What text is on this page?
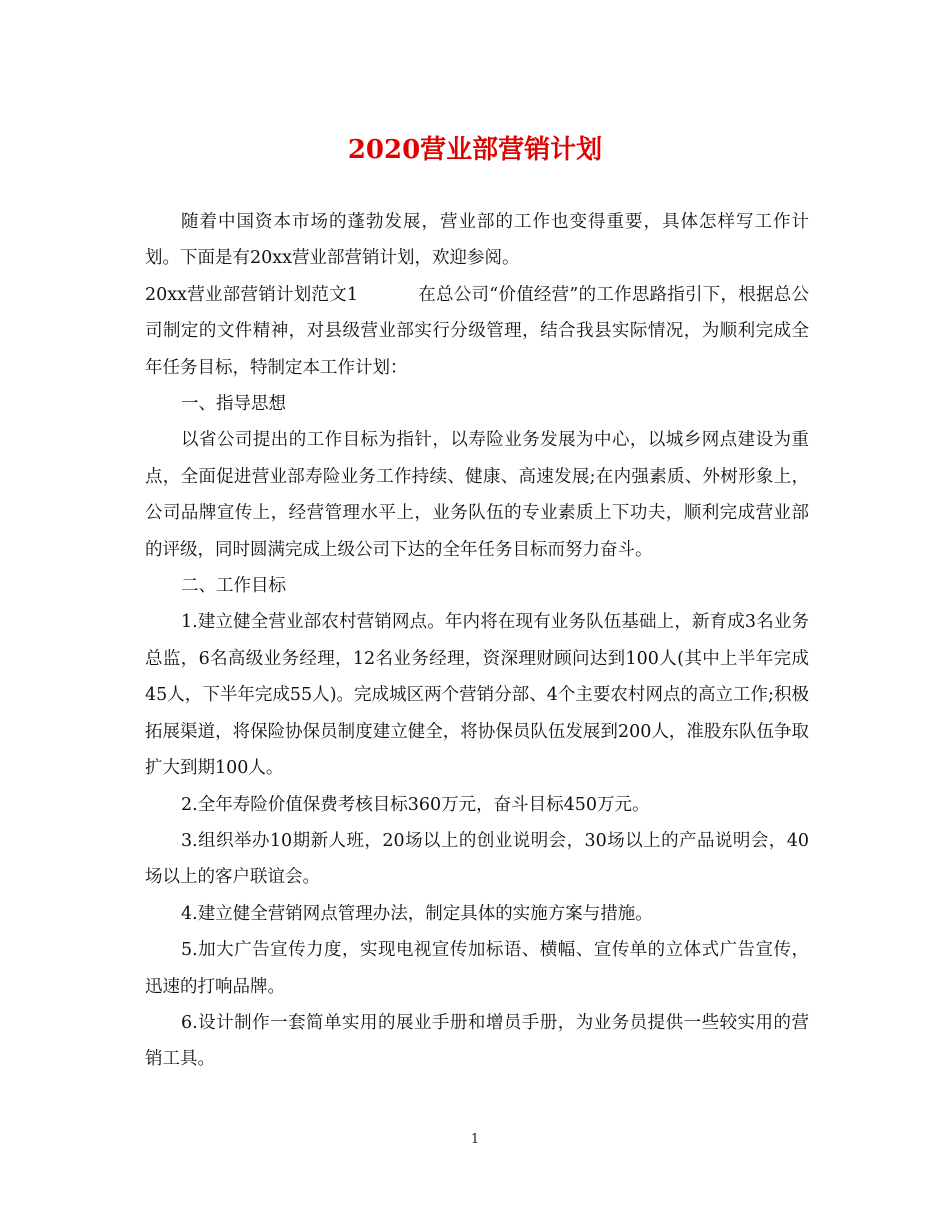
2020营业部营销计划

随着中国资本市场的蓬勃发展，营业部的工作也变得重要，具体怎样写工作计划。下面是有20xx营业部营销计划，欢迎参阅。

20xx营业部营销计划范文1	在总公司“价值经营”的工作思路指引下，根据总公司制定的文件精神，对县级营业部实行分级管理，结合我县实际情况，为顺利完成全年任务目标，特制定本工作计划：

一、指导思想

以省公司提出的工作目标为指针，以寿险业务发展为中心，以城乡网点建设为重点，全面促进营业部寿险业务工作持续、健康、高速发展;在内强素质、外树形象上，公司品牌宣传上，经营管理水平上，业务队伍的专业素质上下功夫，顺利完成营业部的评级，同时圆满完成上级公司下达的全年任务目标而努力奋斗。

二、工作目标

1.建立健全营业部农村营销网点。年内将在现有业务队伍基础上，新育成3名业务总监，6名高级业务经理，12名业务经理，资深理财顾问达到100人(其中上半年完成45人，下半年完成55人)。完成城区两个营销分部、4个主要农村网点的高立工作;积极拓展渠道，将保险协保员制度建立健全，将协保员队伍发展到200人，准股东队伍争取扩大到期100人。

2.全年寿险价值保费考核目标360万元，奋斗目标450万元。

3.组织举办10期新人班，20场以上的创业说明会，30场以上的产品说明会，40场以上的客户联谊会。

4.建立健全营销网点管理办法，制定具体的实施方案与措施。

5.加大广告宣传力度，实现电视宣传加标语、横幅、宣传单的立体式广告宣传，迅速的打响品牌。

6.设计制作一套简单实用的展业手册和增员手册，为业务员提供一些较实用的营销工具。

1
